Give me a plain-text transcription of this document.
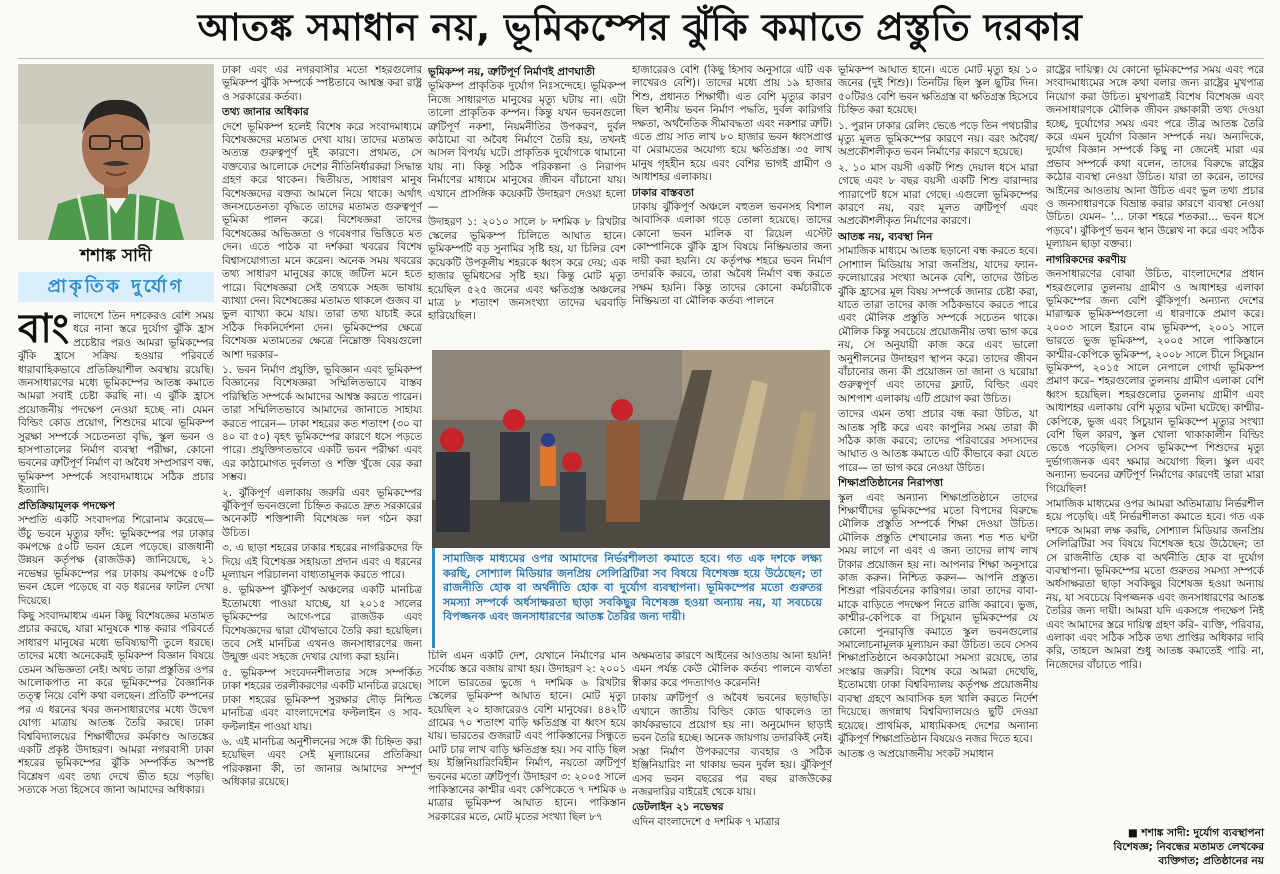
আতঙ্ক সমাধান নয়, ভূমিকম্পের ঝুঁকি কমাতে প্রস্তুতি দরকার
শশাঙ্ক সাদী
প্রাকৃতিক দুর্যোগ

বাংলাদেশে তিন দশকেরও বেশি সময় ধরে নানা স্তরে দুর্যোগ ঝুঁকি হ্রাস প্রচেষ্টার পরও আমরা ভূমিকম্পের ঝুঁকি হ্রাসে সক্রিয় হওয়ার পরিবর্তে ধারাবাহিকভাবে প্রতিক্রিয়াশীল অবস্থায় রয়েছি। জনসাধারণের মধ্যে ভূমিকম্পের আতঙ্ক কমাতে আমরা সবাই চেষ্টা করছি না। এ ঝুঁকি হ্রাসে প্রয়োজনীয় পদক্ষেপ নেওয়া হচ্ছে না। যেমন বিল্ডিং কোড প্রয়োগ, শিশুদের মাঝে ভূমিকম্প সুরক্ষা সম্পর্কে সচেতনতা বৃদ্ধি, স্কুল ভবন ও হাসপাতালের নির্মাণ ব্যবস্থা পরীক্ষা, কোনো ভবনের ত্রুটিপূর্ণ নির্মাণ বা অবৈধ সম্প্রসারণ বন্ধ, ভূমিকম্প সম্পর্কে সংবাদমাধ্যমে সঠিক প্রচার ইত্যাদি।

প্রতিক্রিয়ামূলক পদক্ষেপ

সম্প্রতি একটি সংবাদপত্র শিরোনাম করেছে— উঁচু ভবনে মৃত্যুর ফাঁদ: ভূমিকম্পের পর ঢাকার কমপক্ষে ৫০টি ভবন হেলে পড়েছে। রাজধানী উন্নয়ন কর্তৃপক্ষ (রাজউক) জানিয়েছে, ২১ নভেম্বর ভূমিকম্পের পর ঢাকায় কমপক্ষে ৫০টি ভবন হেলে পড়েছে বা বড় ধরনের ফাটল দেখা দিয়েছে।

কিছু সংবাদমাধ্যম এমন কিছু বিশেষজ্ঞের মতামত প্রচার করছে, যারা মানুষকে শান্ত করার পরিবর্তে সাধারণ মানুষের মধ্যে ভবিষ্যদ্বাণী তুলে ধরছে। তাদের মধ্যে অনেকেরই ভূমিকম্প বিজ্ঞান বিষয়ে তেমন অভিজ্ঞতা নেই। অথচ তারা প্রস্তুতির ওপর আলোকপাত না করে ভূমিকম্পের বৈজ্ঞানিক তত্ত্ব নিয়ে বেশি কথা বলছেন। প্রতিটি কম্পনের পর এ ধরনের খবর জনসাধারণের মধ্যে উদ্বেগ যোগ্য মাত্রায় আতঙ্ক তৈরি করছে। ঢাকা বিশ্ববিদ্যালয়ের শিক্ষার্থীদের কর্মকাণ্ড আতঙ্কের একটি প্রকৃষ্ট উদাহরণ। আমরা নগরবাসী ঢাকা শহরের ভূমিকম্পের ঝুঁকি সম্পর্কিত অস্পষ্ট বিশ্লেষণ এবং তথ্য দেখে ভীত হয়ে পড়ছি। সত্যকে সত্য হিসেবে জানা আমাদের অধিকার।

ঢাকা এবং এর নগরবাসীর মতো শহরগুলোর ভূমিকম্প ঝুঁকি সম্পর্কে স্পষ্টতাবে আশ্বস্ত করা রাষ্ট্র ও সরকারের কর্তব্য।

তথ্য জানার অধিকার

দেশে ভূমিকম্প হলেই বিশেষ করে সংবাদমাধ্যমে বিশেষজ্ঞদের মতামত দেখা যায়। তাদের মতামত অত্যন্ত গুরুত্বপূর্ণ দুই কারণে। প্রথমত, সে বক্তব্যের আলোকে দেশের নীতিনির্ধারকরা সিদ্ধান্ত গ্রহণ করে থাকেন। দ্বিতীয়ত, সাধারণ মানুষ বিশেষজ্ঞদের বক্তব্য আমলে নিয়ে থাকে। অর্থাৎ জনসচেতনতা বৃদ্ধিতে তাদের মতামত গুরুত্বপূর্ণ ভূমিকা পালন করে। বিশেষজ্ঞরা তাদের বিশেষজ্ঞের অভিজ্ঞতা ও গবেষণার ভিত্তিতে মত দেন। এতে পাঠক বা দর্শকরা খবরের বিশেষ বিশ্বাসযোগ্যতা মনে করেন। অনেক সময় খবরের তথ্য সাধারণ মানুষের কাছে জটিল মনে হতে পারে। বিশেষজ্ঞরা সেই তথ্যকে সহজ ভাষায় ব্যাখ্যা দেন। বিশেষজ্ঞের মতামত থাকলে গুজব বা ভুল ব্যাখ্যা কমে যায়। তারা তথ্য যাচাই করে সঠিক দিকনির্দেশনা দেন। ভূমিকম্পের ক্ষেত্রে বিশেষজ্ঞ মতামতের ক্ষেত্রে নিম্নোক্ত বিষয়গুলো আশা দরকার–

১. ভবন নির্মাণ প্রযুক্তি, ভূবিজ্ঞান এবং ভূমিকম্প বিজ্ঞানের বিশেষজ্ঞরা সম্মিলিতভাবে বাস্তব পরিস্থিতি সম্পর্কে আমাদের আশ্বস্ত করতে পারেন। তারা সম্মিলিতভাবে আমাদের জানাতে সাহায্য করতে পারেন— ঢাকা শহরের কত শতাংশ (৩০ বা ৪০ বা ৫০) বৃহৎ ভূমিকম্পের কারণে ধসে পড়তে পারে। প্রযুক্তিগতভাবে একটি ভবন পরীক্ষা এবং এর কাঠামোগত দুর্বলতা ও শক্তি খুঁজে বের করা সম্ভব।

২. ঝুঁকিপূর্ণ এলাকায় জরুরি এবং ভূমিকম্পের ঝুঁকিপূর্ণ ভবনগুলো চিহ্নিত করতে দ্রুত সরকারের অনেকটি শক্তিশালী বিশেষজ্ঞ দল গঠন করা উচিত।

৩. এ ছাড়া শহরের ঢাকার শহরের নাগরিকদের ফি দিয়ে এই বিশেষজ্ঞ সহায়তা প্রদান এবং এ ধরনের মূল্যায়ন পরিচালনা বাধ্যতামূলক করতে পারে।

৪. ভূমিকম্প ঝুঁকিপূর্ণ অঞ্চলের একটি মানচিত্র ইতোমধ্যে পাওয়া যাচ্ছে, যা ২০১৫ সালের ভূমিকম্পের আগে-পরে রাজউক এবং বিশেষজ্ঞদের দ্বারা যৌথভাবে তৈরি করা হয়েছিল। তবে সেই মানচিত্র এখনও জনসাধারণের জন্য উন্মুক্ত এবং সহজে দেখার যোগ্য করা হয়নি।

৫. ভূমিকম্প সংবেদনশীলতার সঙ্গে সম্পর্কিত ঢাকা শহরের তরলীকরণের একটি মানচিত্র রয়েছে। ঢাকা শহরের ভূমিকম্প সুরক্ষার দৌড় নিশ্চিত মানচিত্র এবং বাংলাদেশের ফল্টলাইন ও সাব-ফল্টলাইন পাওয়া যায়।

৬. এই মানচিত্র অনুশীলনের সঙ্গে কী চিহ্নিত করা হয়েছিল এবং সেই মূল্যায়নের প্রতিক্রিয়া পরিকল্পনা কী, তা জানার আমাদের সম্পূর্ণ অধিকার রয়েছে।

ভূমিকম্প নয়, ত্রুটিপূর্ণ নির্মাণই প্রাণঘাতী

ভূমিকম্প প্রাকৃতিক দুর্যোগ নিঃসন্দেহে। ভূমিকম্প নিজে সাধারণত মানুষের মৃত্যু ঘটায় না। এটা তালো প্রাকৃতিক কম্পন। কিন্তু যখন ভবনগুলো ত্রুটিপূর্ণ নকশা, নিয়মনীতির উপকরণ, দুর্বল কাঠামো বা অবৈধ নির্মাণে তৈরি হয়, তখনই আসল বিপর্যয় ঘটে। প্রাকৃতিক দুর্যোগকে থামানো যায় না। কিন্তু সঠিক পরিকল্পনা ও নিরাপদ নির্মাণের মাধ্যমে মানুষের জীবন বাঁচানো যায়। এখানে প্রাসঙ্গিক কয়েকটি উদাহরণ দেওয়া হলো—

উদাহরণ ১: ২০১০ সালে ৮ দশমিক ৮ রিখটার স্কেলের ভূমিকম্প চিলিতে আঘাত হানে। ভূমিকম্পটি বড় সুনামির সৃষ্টি হয়, যা চিলির বেশ কয়েকটি উপকূলীয় শহরকে ধ্বংস করে দেয়; এক হাজার ভূমিধসের সৃষ্টি হয়। কিন্তু মোট মৃত্যু হয়েছিল ৫২৫ জনের এবং ক্ষতিগ্রস্ত অঞ্চলের মাত্র ৮ শতাংশ জনসংখ্যা তাদের ঘরবাড়ি হারিয়েছিল।

হাজারেরও বেশি (কিছু হিসাব অনুসারে এটি এক লাখেরও বেশি)। তাদের মধ্যে প্রায় ১৯ হাজার শিশু, প্রধানত শিক্ষার্থী। এত বেশি মৃত্যুর কারণ ছিল স্থানীয় ভবন নির্মাণ পদ্ধতি, দুর্বল কারিগরি দক্ষতা, অর্থনৈতিক সীমাবদ্ধতা এবং নকশার ত্রুটি। এতে প্রায় সাত লাখ ৮০ হাজার ভবন ধ্বংসপ্রাপ্ত বা মেরামতের অযোগ্য হয়ে ক্ষতিগ্রস্ত। ৩৫ লাখ মানুষ গৃহহীন হয়ে এবং বেশির ভাগই গ্রামীণ ও আধাশহর এলাকায়।

ঢাকার বাস্তবতা

ঢাকায় ঝুঁকিপূর্ণ অঞ্চলে বহুতল ভবনসহ বিশাল আবাসিক এলাকা গড়ে তোলা হয়েছে। তাদের কোনো ভবন মালিক বা রিয়েল এস্টেট কোম্পানিকে ঝুঁকি হ্রাস বিষয়ে নিষ্ক্রিয়তার জন্য দায়ী করা হয়নি। যে কর্তৃপক্ষ শহরে ভবন নির্মাণ তদারকি করবে, তারা অবৈধ নির্মাণ বন্ধ করতে সক্ষম হয়নি। কিন্তু তাদের কোনো কর্মচারীকে নিষ্ক্রিয়তা বা মৌলিক কর্তব্য পালনে

সামাজিক মাধ্যমের ওপর আমাদের নির্ভরশীলতা কমাতে হবে। গত এক দশকে লক্ষ্য করছি, সোশ্যাল মিডিয়ার জনপ্রিয় সেলিব্রিটিরা সব বিষয়ে বিশেষজ্ঞ হয়ে উঠেছেন; তা রাজনীতি হোক বা অর্থনীতি হোক বা দুর্যোগ ব্যবস্থাপনা। ভূমিকম্পের মতো গুরুতর সমস্যা সম্পর্কে অর্ধসাক্ষরতা ছাড়া সবকিছুর বিশেষজ্ঞ হওয়া অন্যায় নয়, যা সবচেয়ে বিপজ্জনক এবং জনসাধারণের আতঙ্ক তৈরির জন্য দায়ী।

চিলি এমন একটি দেশ, যেখানে নির্মাণের মান সর্বোচ্চ স্তরে বজায় রাখা হয়। উদাহরণ ২: ২০০১ সালে ভারতের ভুজে ৭ দশমিক ৬ রিখটার স্কেলের ভূমিকম্প আঘাত হানে। মোট মৃত্যু হয়েছিল ২০ হাজারেরও বেশি মানুষের। ৪৪২টি গ্রামের ৭০ শতাংশ বাড়ি ক্ষতিগ্রস্ত বা ধ্বংস হয়ে যায়। ভারতের গুজরাট এবং পাকিস্তানের সিন্ধুতে মোট চার লাখ বাড়ি ক্ষতিগ্রস্ত হয়। সব বাড়ি ছিল হয় ইঞ্জিনিয়ারিংবিহীন নির্মাণ, নয়তো ত্রুটিপূর্ণ ভবনের মতো ত্রুটিপূর্ণ। উদাহরণ ৩: ২০০৫ সালে পাকিস্তানের কাশ্মীর এবং কেপিকেতে ৭ দশমিক ৬ মাত্রার ভূমিকম্প আঘাত হানে। পাকিস্তান সরকারের মতে, মোট মৃতের সংখ্যা ছিল ৮৭

অক্ষমতার কারণে আইনের আওতায় আনা হয়নি! এমন পর্যন্ত কেউ মৌলিক কর্তব্য পালনে ব্যর্থতা স্বীকার করে পদত্যাগও করেননি!

ঢাকায় ত্রুটিপূর্ণ ও অবৈধ ভবনের ছড়াছড়ি। এখানে জাতীয় বিল্ডিং কোড থাকলেও তা কার্যকরভাবে প্রয়োগ হয় না। অনুমোদন ছাড়াই ভবন তৈরি হচ্ছে। অনেক জায়গায় তদারকিই নেই। সস্তা নির্মাণ উপকরণের ব্যবহার ও সঠিক ইঞ্জিনিয়ারিং না থাকায় ভবন দুর্বল হয়। ঝুঁকিপূর্ণ এসব ভবন বছরের পর বছর রাজউকের নজরদারির বাইরেই থেকে যায়।

ডেটলাইন ২১ নভেম্বর

এদিন বাংলাদেশে ৫ দশমিক ৭ মাত্রার

ভূমিকম্প আঘাত হানে। এতে মোট মৃত্যু হয় ১০ জনের (দুই শিশু)। তিনটির ছিল স্কুল ছুটির দিন। ৫০টিরও বেশি ভবন ক্ষতিগ্রস্ত বা ক্ষতিগ্রস্ত হিসেবে চিহ্নিত করা হয়েছে।

১. পুরান ঢাকার রেলিং ভেঙে পড়ে তিন পথচারীর মৃত্যু মূলত ভূমিকম্পের কারণে নয়। বরং অবৈধ/অপ্রকৌশলীকৃত ভবন নির্মাণের কারণে হয়েছে।

২. ১০ মাস বয়সী একটি শিশু দেয়াল ধসে মারা গেছে এবং ৮ বছর বয়সী একটি শিশু বারান্দার প্যারাপেট ধসে মারা গেছে। এগুলো ভূমিকম্পের কারণে নয়, বরং মূলত ত্রুটিপূর্ণ এবং অপ্রকৌশলীকৃত নির্মাণের কারণে।

আতঙ্ক নয়, ব্যবস্থা নিন

সামাজিক মাধ্যমে আতঙ্ক ছড়ানো বন্ধ করতে হবে। সোশ্যাল মিডিয়ায় সারা জনপ্রিয়, যাদের ফ্যান-ফলোয়ারের সংখ্যা অনেক বেশি, তাদের উচিত ঝুঁকি হ্রাসের মূল বিষয় সম্পর্কে জানার চেষ্টা করা, যাতে তারা তাদের কাজ সঠিকভাবে করতে পারে এবং মৌলিক প্রস্তুতি সম্পর্কে সচেতন থাকে। মৌলিক কিন্তু সবচেয়ে প্রয়োজনীয় তথ্য ভাগ করে নয়, সে অনুযায়ী কাজ করে এবং ভালো অনুশীলনের উদাহরণ স্থাপন করে। তাদের জীবন বাঁচানোর জন্য কী প্রয়োজন তা জানা ও ঘরোয়া গুরুত্বপূর্ণ এবং তাদের ফ্ল্যাট, বিল্ডিং এবং আশপাশ এলাকায় এটি প্রয়োগ করা উচিত।

তাদের এমন তথ্য প্রচার বন্ধ করা উচিত, যা আতঙ্ক সৃষ্টি করে এবং কাপুনির সময় তারা কী সঠিক কাজ করবে; তাদের পরিবারের সদস্যদের আঘাত ও আতঙ্ক কমাতে এটি কীভাবে করা যেতে পারে— তা ভাগ করে নেওয়া উচিত।

শিক্ষাপ্রতিষ্ঠানের নিরাপত্তা

স্কুল এবং অন্যান্য শিক্ষাপ্রতিষ্ঠানে তাদের শিক্ষার্থীদের ভূমিকম্পের মতো বিপদের বিরুদ্ধে মৌলিক প্রস্তুতি সম্পর্কে শিক্ষা দেওয়া উচিত। মৌলিক প্রস্তুতি শেখানোর জন্য শত শত ঘণ্টা সময় লাগে না এবং এ জন্য তাদের লাখ লাখ টাকার প্রয়োজন হয় না। আপনার শিক্ষা অনুসারে কাজ করুন। নিশ্চিত করুন— আপনি প্রস্তুত। শিশুরা পরিবর্তনের কারিগর। তারা তাদের বাবা-মাকে বাড়িতে পদক্ষেপ নিতে রাজি করাবে। ভুজ, কাশ্মীর-কেপিকে বা সিচুয়ান ভূমিকম্পের যে কোনো পুনরাবৃত্তি কমাতে স্কুল ভবনগুলোর সমালোচনামূলক মূল্যায়ন করা উচিত। তবে সেসব শিক্ষাপ্রতিষ্ঠানে অবকাঠামো সমস্যা রয়েছে, তার সংস্কার জরুরি। বিশেষ করে আমরা দেখেছি, ইতোমধ্যে ঢাকা বিশ্ববিদ্যালয় কর্তৃপক্ষ প্রয়োজনীয় ব্যবস্থা গ্রহণে আবাসিক হল খালি করতে নির্দেশ দিয়েছে। জগন্নাথ বিশ্ববিদ্যালয়েও ছুটি দেওয়া হয়েছে। প্রাথমিক, মাধ্যমিকসহ দেশের অন্যান্য ঝুঁকিপূর্ণ শিক্ষাপ্রতিষ্ঠান বিষয়েও নজর দিতে হবে।

আতঙ্ক ও অপ্রয়োজনীয় সংকট সমাধান

রাষ্ট্রের দায়িত্ব। যে কোনো ভূমিকম্পের সময় এবং পরে সংবাদমাধ্যমের সঙ্গে কথা বলার জন্য রাষ্ট্রের মুখপাত্র নিয়োগ করা উচিত। মুখপাত্রই বিশেষ বিশেষজ্ঞ এবং জনসাধারণকে মৌলিক জীবন রক্ষাকারী তথ্য দেওয়া হচ্ছে, দুর্যোগের সময় এবং পরে তীব্র আতঙ্ক তৈরি করে এমন দুর্যোগ বিজ্ঞান সম্পর্কে নয়। অন্যদিকে, দুর্যোগ বিজ্ঞান সম্পর্কে কিছু না জেনেই মারা এর প্রভাব সম্পর্কে কথা বলেন, তাদের বিরুদ্ধে রাষ্ট্রের কঠোর ব্যবস্থা নেওয়া উচিত। যারা তা করেন, তাদের আইনের আওতায় আনা উচিত এবং ভুল তথ্য প্রচার ও জনসাধারণকে বিভ্রান্ত করার কারণে ব্যবস্থা নেওয়া উচিত। যেমন– '... ঢাকা শহরে শতকরা... ভবন ধসে পড়বে'। ঝুঁকিপূর্ণ ভবন স্থান উল্লেখ না করে এবং সঠিক মূল্যায়ন ছাড়া বক্তব্য।

নাগরিকদের করণীয়

জনসাধারণের বোঝা উচিত, বাংলাদেশের প্রধান শহরগুলোর তুলনায় গ্রামীণ ও আধাশহর এলাকা ভূমিকম্পের জন্য বেশি ঝুঁকিপূর্ণ। অন্যান্য দেশের মারাত্মক ভূমিকম্পগুলো এ ধারণাকে প্রমাণ করে। ২০০৩ সালে ইরানে বাম ভূমিকম্প, ২০০১ সালে ভারতে ভুজ ভূমিকম্প, ২০০৫ সালে পাকিস্তানে কাশ্মীর-কেপিকে ভূমিকম্প, ২০০৮ সালে চীনে সিচুয়ান ভূমিকম্প, ২০১৫ সালে নেপালে গোর্খা ভূমিকম্প প্রমাণ করে– শহরগুলোর তুলনায় গ্রামীণ এলাকা বেশি ধ্বংস হয়েছিল। শহরগুলোর তুলনায় গ্রামীণ এবং আধাশহর এলাকায় বেশি মৃত্যুর ঘটনা ঘটেছে। কাশ্মীর-কেপিকে, ভুজ এবং সিচুয়ান ভূমিকম্পে মৃত্যুর সংখ্যা বেশি ছিল কারণ, স্কুল খোলা থাকাকালীন বিল্ডিং ভেঙে পড়েছিল। সেসব ভূমিকম্পে শিশুদের মৃত্যু দুর্ভাগ্যজনক এবং ক্ষমার অযোগ্য ছিল। স্কুল এবং অন্যান্য ভবনের ত্রুটিপূর্ণ নির্মাণের কারণেই তারা মারা গিয়েছিল!

সামাজিক মাধ্যমের ওপর আমরা অতিমাত্রায় নির্ভরশীল হয়ে পড়েছি। এই নির্ভরশীলতা কমাতে হবে। গত এক দশকে আমরা লক্ষ করছি, সোশ্যাল মিডিয়ার জনপ্রিয় সেলিব্রিটিরা সব বিষয়ে বিশেষজ্ঞ হয়ে উঠেছেন; তা সে রাজনীতি হোক বা অর্থনীতি হোক বা দুর্যোগ ব্যবস্থাপনা। ভূমিকম্পের মতো গুরুতর সমস্যা সম্পর্কে অর্ধসাক্ষরতা ছাড়া সবকিছুর বিশেষজ্ঞ হওয়া অন্যায় নয়, যা সবচেয়ে বিপজ্জনক এবং জনসাধারণের আতঙ্ক তৈরির জন্য দায়ী। আমরা যদি একসঙ্গে পদক্ষেপ নিই এবং আমাদের স্তরে দায়িত্ব গ্রহণ করি– ব্যক্তি, পরিবার, এলাকা এবং সঠিক সঠিক তথ্য প্রাপ্তির অধিকার দাবি করি, তাহলে আমরা শুধু আতঙ্ক কমাতেই পারি না, নিজেদের বাঁচাতে পারি।

■ শশাঙ্ক সাদী: দুর্যোগ ব্যবস্থাপনা
বিশেষজ্ঞ; নিবন্ধের মতামত লেখকের
ব্যক্তিগত; প্রতিষ্ঠানের নয়
